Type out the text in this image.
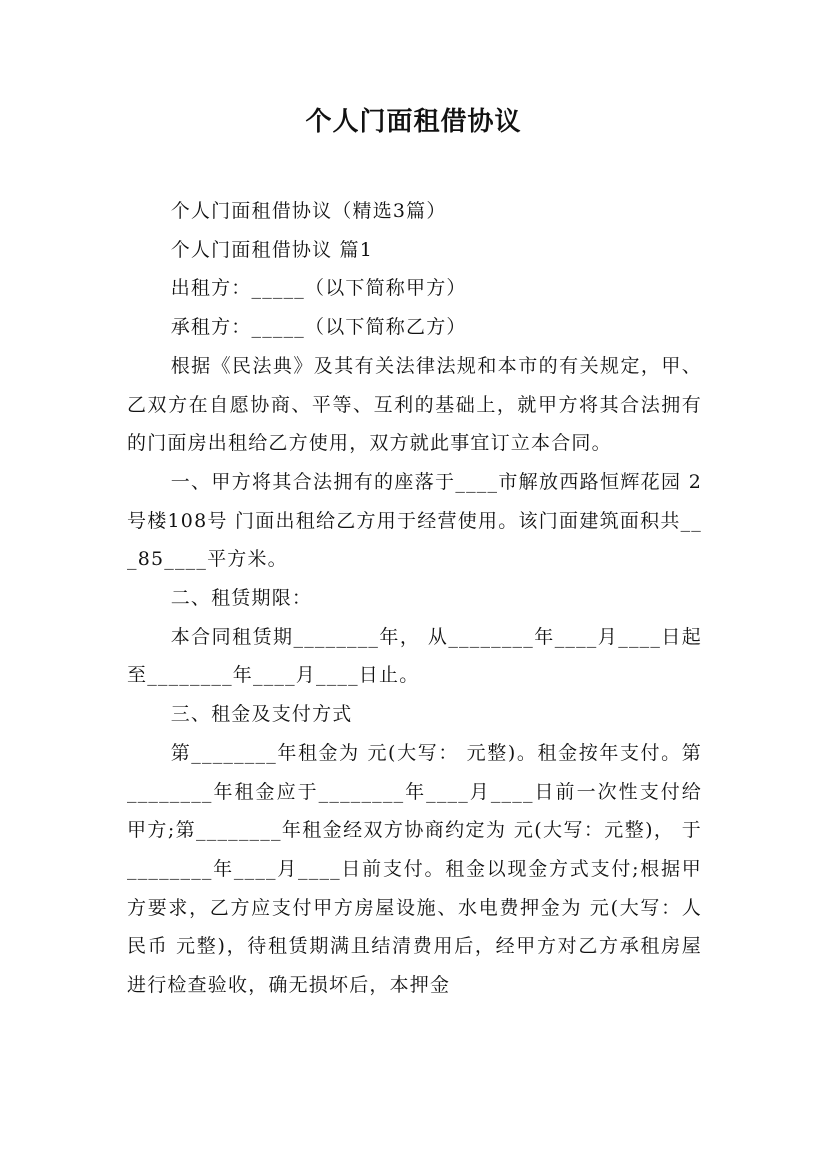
个人门面租借协议

个人门面租借协议（精选3篇）

个人门面租借协议 篇1

出租方：_____（以下简称甲方）

承租方：_____（以下简称乙方）

根据《民法典》及其有关法律法规和本市的有关规定，甲、乙双方在自愿协商、平等、互利的基础上，就甲方将其合法拥有的门面房出租给乙方使用，双方就此事宜订立本合同。

一、甲方将其合法拥有的座落于____市解放西路恒辉花园 2号楼108号 门面出租给乙方用于经营使用。该门面建筑面积共___85____平方米。

二、租赁期限：

本合同租赁期________年， 从________年____月____日起至________年____月____日止。

三、租金及支付方式

第________年租金为 元(大写： 元整)。租金按年支付。第________年租金应于________年____月____日前一次性支付给甲方;第________年租金经双方协商约定为 元(大写：元整)， 于________年____月____日前支付。租金以现金方式支付;根据甲方要求，乙方应支付甲方房屋设施、水电费押金为 元(大写：人民币 元整)，待租赁期满且结清费用后，经甲方对乙方承租房屋进行检查验收，确无损坏后，本押金
